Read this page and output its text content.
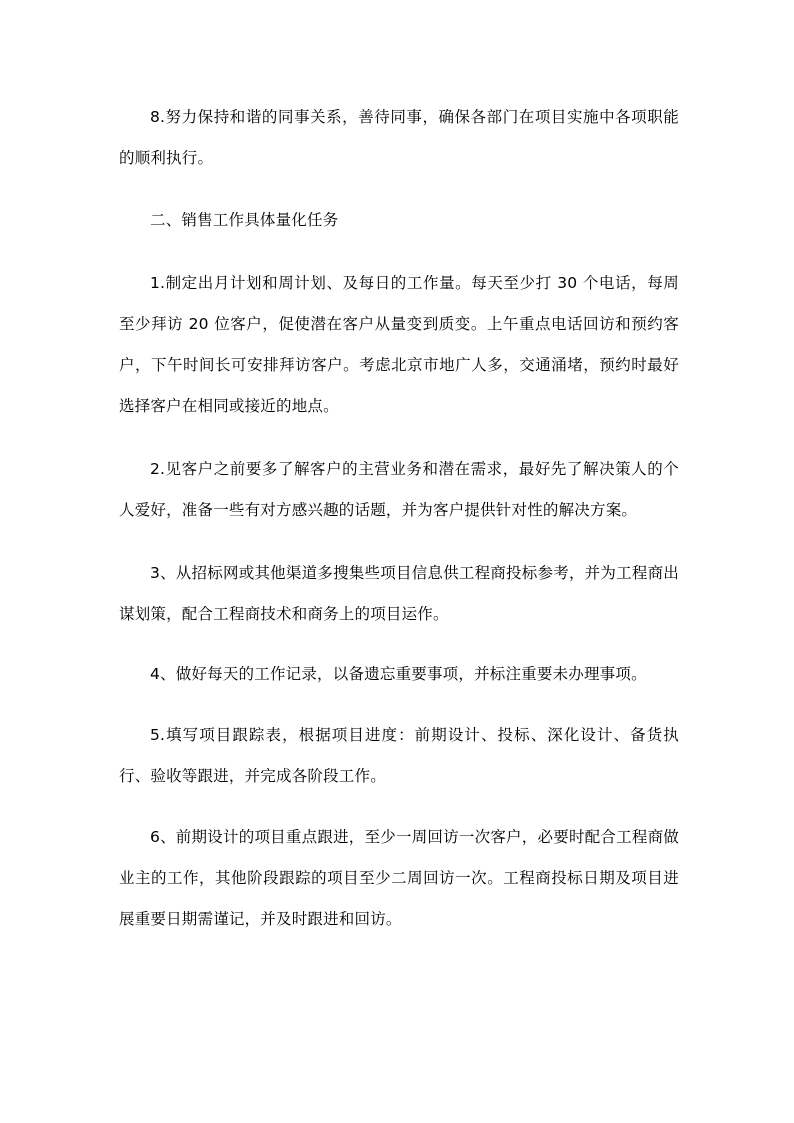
8.努力保持和谐的同事关系，善待同事，确保各部门在项目实施中各项职能的顺利执行。

二、销售工作具体量化任务

1.制定出月计划和周计划、及每日的工作量。每天至少打 30 个电话，每周至少拜访 20 位客户，促使潜在客户从量变到质变。上午重点电话回访和预约客户，下午时间长可安排拜访客户。考虑北京市地广人多，交通涌堵，预约时最好选择客户在相同或接近的地点。

2.见客户之前要多了解客户的主营业务和潜在需求，最好先了解决策人的个人爱好，准备一些有对方感兴趣的话题，并为客户提供针对性的解决方案。

3、从招标网或其他渠道多搜集些项目信息供工程商投标参考，并为工程商出谋划策，配合工程商技术和商务上的项目运作。

4、做好每天的工作记录，以备遗忘重要事项，并标注重要未办理事项。

5.填写项目跟踪表，根据项目进度：前期设计、投标、深化设计、备货执行、验收等跟进，并完成各阶段工作。

6、前期设计的项目重点跟进，至少一周回访一次客户，必要时配合工程商做业主的工作，其他阶段跟踪的项目至少二周回访一次。工程商投标日期及项目进展重要日期需谨记，并及时跟进和回访。
